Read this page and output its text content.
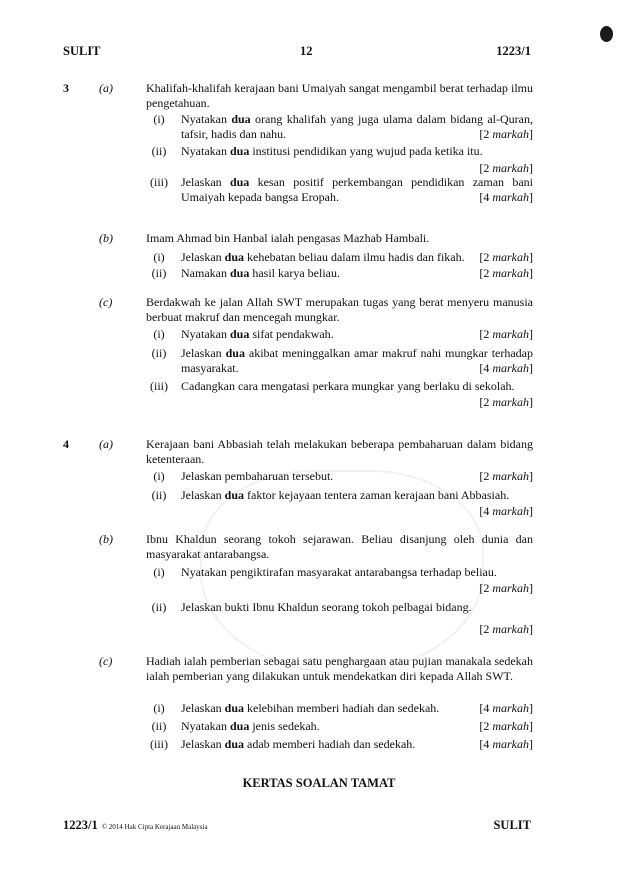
SULIT	12	1223/1
3	(a)	Khalifah-khalifah kerajaan bani Umaiyah sangat mengambil berat terhadap ilmu pengetahuan.
(i)	Nyatakan dua orang khalifah yang juga ulama dalam bidang al-Quran, tafsir, hadis dan nahu.	[2 markah]
(ii)	Nyatakan dua institusi pendidikan yang wujud pada ketika itu.
[2 markah]
(iii)	Jelaskan dua kesan positif perkembangan pendidikan zaman bani Umaiyah kepada bangsa Eropah.	[4 markah]
(b)	Imam Ahmad bin Hanbal ialah pengasas Mazhab Hambali.
(i)	Jelaskan dua kehebatan beliau dalam ilmu hadis dan fikah.	[2 markah]
(ii)	Namakan dua hasil karya beliau.	[2 markah]
(c)	Berdakwah ke jalan Allah SWT merupakan tugas yang berat menyeru manusia berbuat makruf dan mencegah mungkar.
(i)	Nyatakan dua sifat pendakwah.	[2 markah]
(ii)	Jelaskan dua akibat meninggalkan amar makruf nahi mungkar terhadap masyarakat.	[4 markah]
(iii)	Cadangkan cara mengatasi perkara mungkar yang berlaku di sekolah.
[2 markah]
4	(a)	Kerajaan bani Abbasiah telah melakukan beberapa pembaharuan dalam bidang ketenteraan.
(i)	Jelaskan pembaharuan tersebut.	[2 markah]
(ii)	Jelaskan dua faktor kejayaan tentera zaman kerajaan bani Abbasiah.
[4 markah]
(b)	Ibnu Khaldun seorang tokoh sejarawan. Beliau disanjung oleh dunia dan masyarakat antarabangsa.
(i)	Nyatakan pengiktirafan masyarakat antarabangsa terhadap beliau.
[2 markah]
(ii)	Jelaskan bukti Ibnu Khaldun seorang tokoh pelbagai bidang.
[2 markah]
(c)	Hadiah ialah pemberian sebagai satu penghargaan atau pujian manakala sedekah ialah pemberian yang dilakukan untuk mendekatkan diri kepada Allah SWT.
(i)	Jelaskan dua kelebihan memberi hadiah dan sedekah.	[4 markah]
(ii)	Nyatakan dua jenis sedekah.	[2 markah]
(iii)	Jelaskan dua adab memberi hadiah dan sedekah.	[4 markah]
KERTAS SOALAN TAMAT
1223/1 © 2014 Hak Cipta Kerajaan Malaysia	SULIT
